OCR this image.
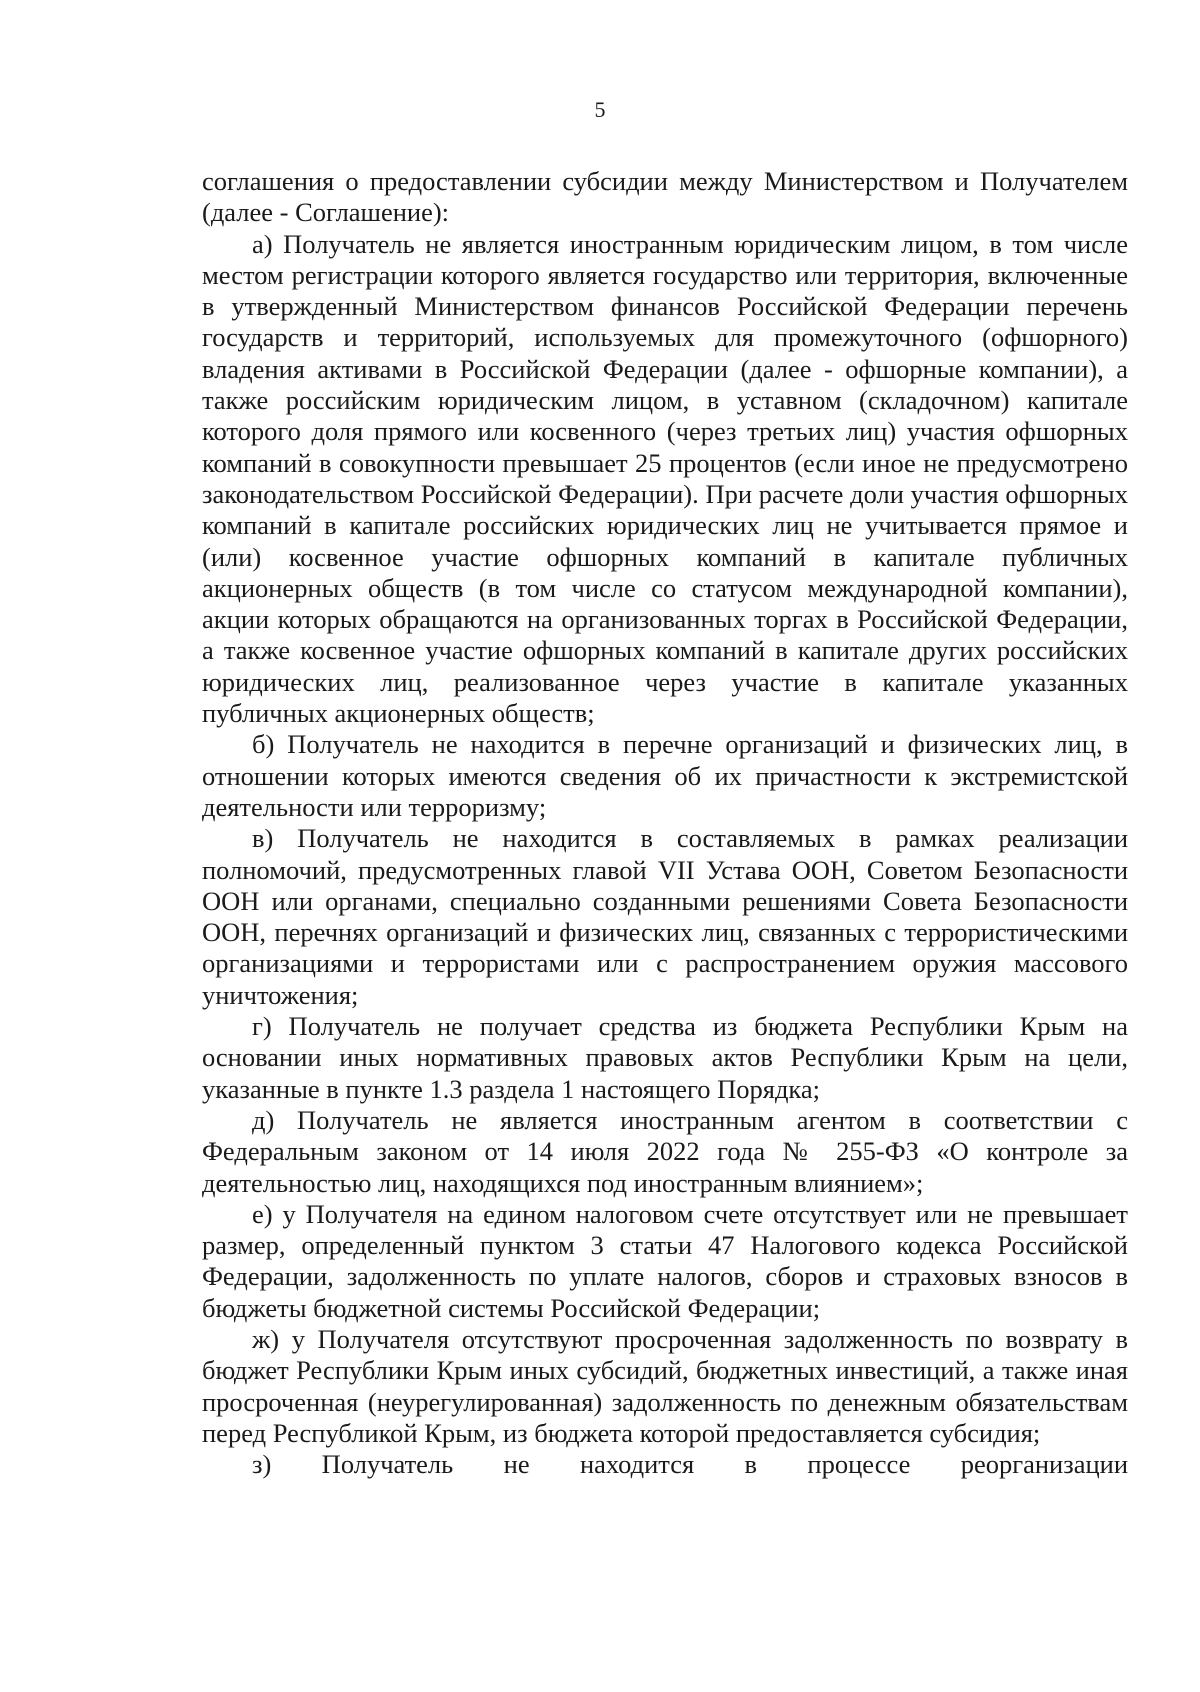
5

соглашения о предоставлении субсидии между Министерством и Получателем (далее - Соглашение):

а) Получатель не является иностранным юридическим лицом, в том числе местом регистрации которого является государство или территория, включенные в утвержденный Министерством финансов Российской Федерации перечень государств и территорий, используемых для промежуточного (офшорного) владения активами в Российской Федерации (далее - офшорные компании), а также российским юридическим лицом, в уставном (складочном) капитале которого доля прямого или косвенного (через третьих лиц) участия офшорных компаний в совокупности превышает 25 процентов (если иное не предусмотрено законодательством Российской Федерации). При расчете доли участия офшорных компаний в капитале российских юридических лиц не учитывается прямое и (или) косвенное участие офшорных компаний в капитале публичных акционерных обществ (в том числе со статусом международной компании), акции которых обращаются на организованных торгах в Российской Федерации, а также косвенное участие офшорных компаний в капитале других российских юридических лиц, реализованное через участие в капитале указанных публичных акционерных обществ;

б) Получатель не находится в перечне организаций и физических лиц, в отношении которых имеются сведения об их причастности к экстремистской деятельности или терроризму;

в) Получатель не находится в составляемых в рамках реализации полномочий, предусмотренных главой VII Устава ООН, Советом Безопасности ООН или органами, специально созданными решениями Совета Безопасности ООН, перечнях организаций и физических лиц, связанных с террористическими организациями и террористами или с распространением оружия массового уничтожения;

г) Получатель не получает средства из бюджета Республики Крым на основании иных нормативных правовых актов Республики Крым на цели, указанные в пункте 1.3 раздела 1 настоящего Порядка;

д) Получатель не является иностранным агентом в соответствии с Федеральным законом от 14 июля 2022 года № 255-ФЗ «О контроле за деятельностью лиц, находящихся под иностранным влиянием»;

е) у Получателя на едином налоговом счете отсутствует или не превышает размер, определенный пунктом 3 статьи 47 Налогового кодекса Российской Федерации, задолженность по уплате налогов, сборов и страховых взносов в бюджеты бюджетной системы Российской Федерации;

ж) у Получателя отсутствуют просроченная задолженность по возврату в бюджет Республики Крым иных субсидий, бюджетных инвестиций, а также иная просроченная (неурегулированная) задолженность по денежным обязательствам перед Республикой Крым, из бюджета которой предоставляется субсидия;

з) Получатель не находится в процессе реорганизации
